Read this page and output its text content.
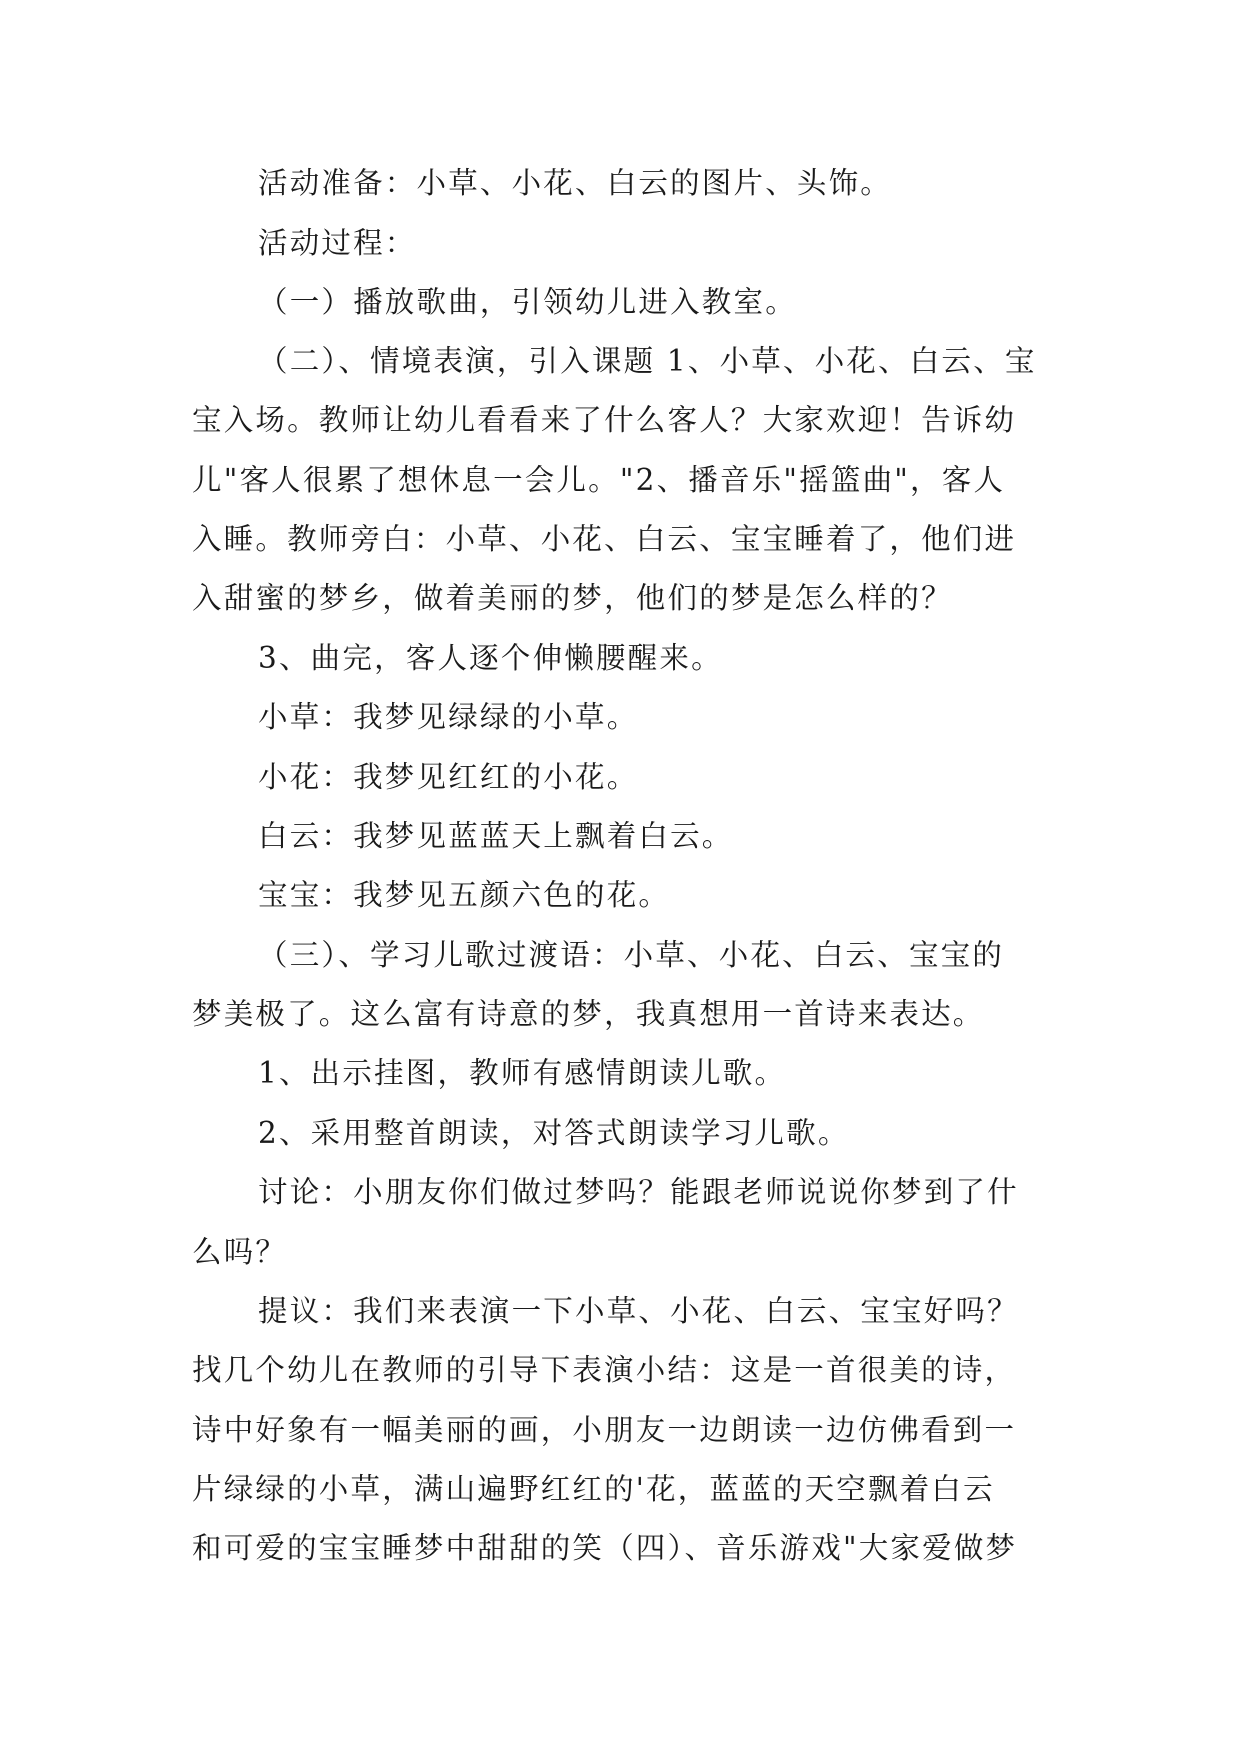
活动准备：小草、小花、白云的图片、头饰。
活动过程：
（一）播放歌曲，引领幼儿进入教室。
（二）、情境表演，引入课题 1、小草、小花、白云、宝
宝入场。教师让幼儿看看来了什么客人？大家欢迎！告诉幼
儿"客人很累了想休息一会儿。"2、播音乐"摇篮曲"，客人
入睡。教师旁白：小草、小花、白云、宝宝睡着了，他们进
入甜蜜的梦乡，做着美丽的梦，他们的梦是怎么样的？
3、曲完，客人逐个伸懒腰醒来。
小草：我梦见绿绿的小草。
小花：我梦见红红的小花。
白云：我梦见蓝蓝天上飘着白云。
宝宝：我梦见五颜六色的花。
（三）、学习儿歌过渡语：小草、小花、白云、宝宝的
梦美极了。这么富有诗意的梦，我真想用一首诗来表达。
1、出示挂图，教师有感情朗读儿歌。
2、采用整首朗读，对答式朗读学习儿歌。
讨论：小朋友你们做过梦吗？能跟老师说说你梦到了什
么吗？
提议：我们来表演一下小草、小花、白云、宝宝好吗？
找几个幼儿在教师的引导下表演小结：这是一首很美的诗，
诗中好象有一幅美丽的画，小朋友一边朗读一边仿佛看到一
片绿绿的小草，满山遍野红红的'花，蓝蓝的天空飘着白云
和可爱的宝宝睡梦中甜甜的笑（四）、音乐游戏"大家爱做梦
